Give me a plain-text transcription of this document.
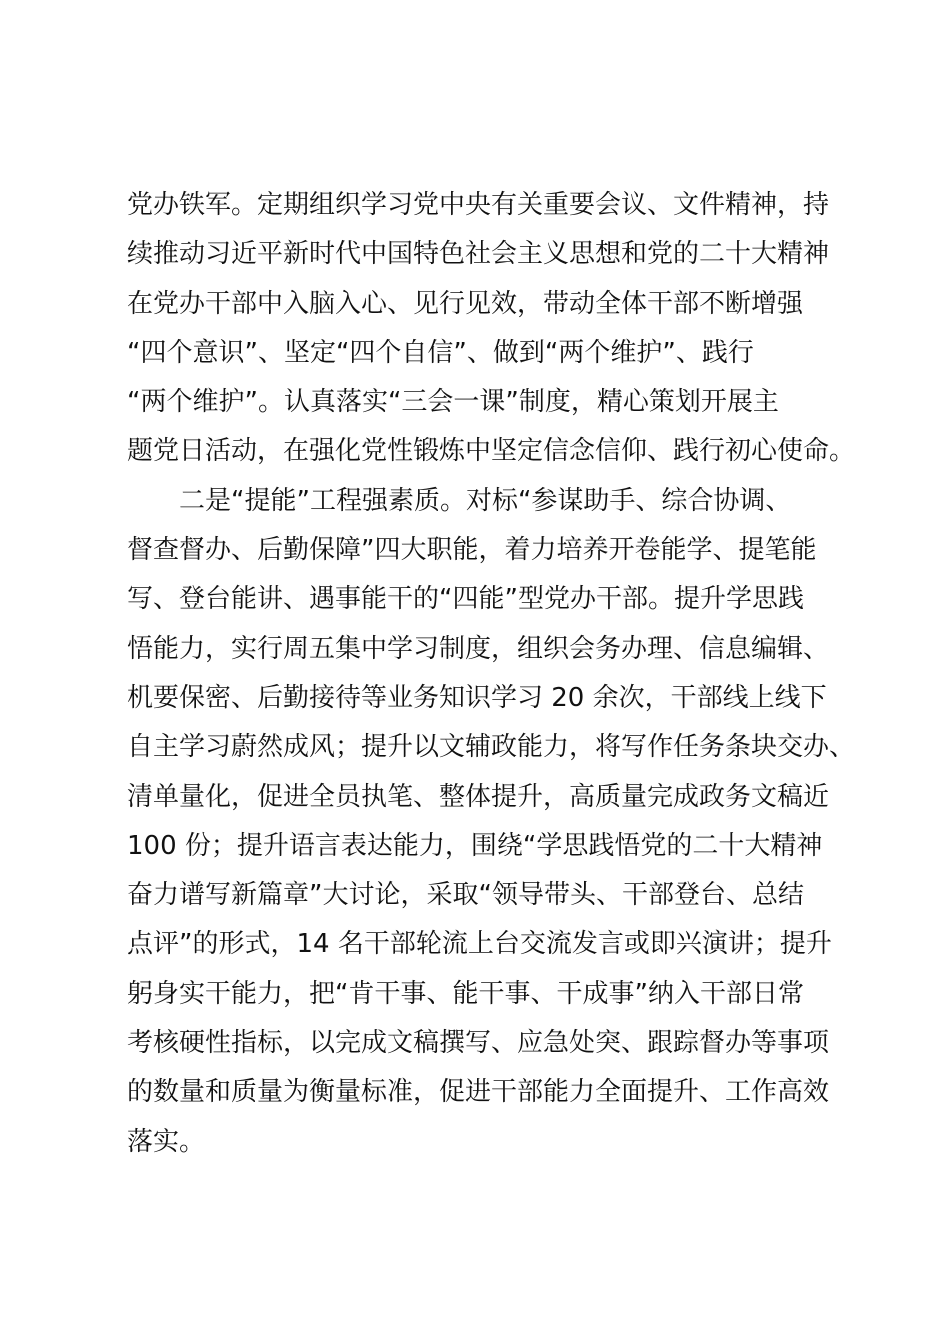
党办铁军。定期组织学习党中央有关重要会议、文件精神，持
续推动习近平新时代中国特色社会主义思想和党的二十大精神
在党办干部中入脑入心、见行见效，带动全体干部不断增强
“四个意识”、坚定“四个自信”、做到“两个维护”、践行
“两个维护”。认真落实“三会一课”制度，精心策划开展主
题党日活动，在强化党性锻炼中坚定信念信仰、践行初心使命。
二是“提能”工程强素质。对标“参谋助手、综合协调、
督查督办、后勤保障”四大职能，着力培养开卷能学、提笔能
写、登台能讲、遇事能干的“四能”型党办干部。提升学思践
悟能力，实行周五集中学习制度，组织会务办理、信息编辑、
机要保密、后勤接待等业务知识学习 20 余次，干部线上线下
自主学习蔚然成风；提升以文辅政能力，将写作任务条块交办、
清单量化，促进全员执笔、整体提升，高质量完成政务文稿近
100 份；提升语言表达能力，围绕“学思践悟党的二十大精神
奋力谱写新篇章”大讨论，采取“领导带头、干部登台、总结
点评”的形式，14 名干部轮流上台交流发言或即兴演讲；提升
躬身实干能力，把“肯干事、能干事、干成事”纳入干部日常
考核硬性指标，以完成文稿撰写、应急处突、跟踪督办等事项
的数量和质量为衡量标准，促进干部能力全面提升、工作高效
落实。
